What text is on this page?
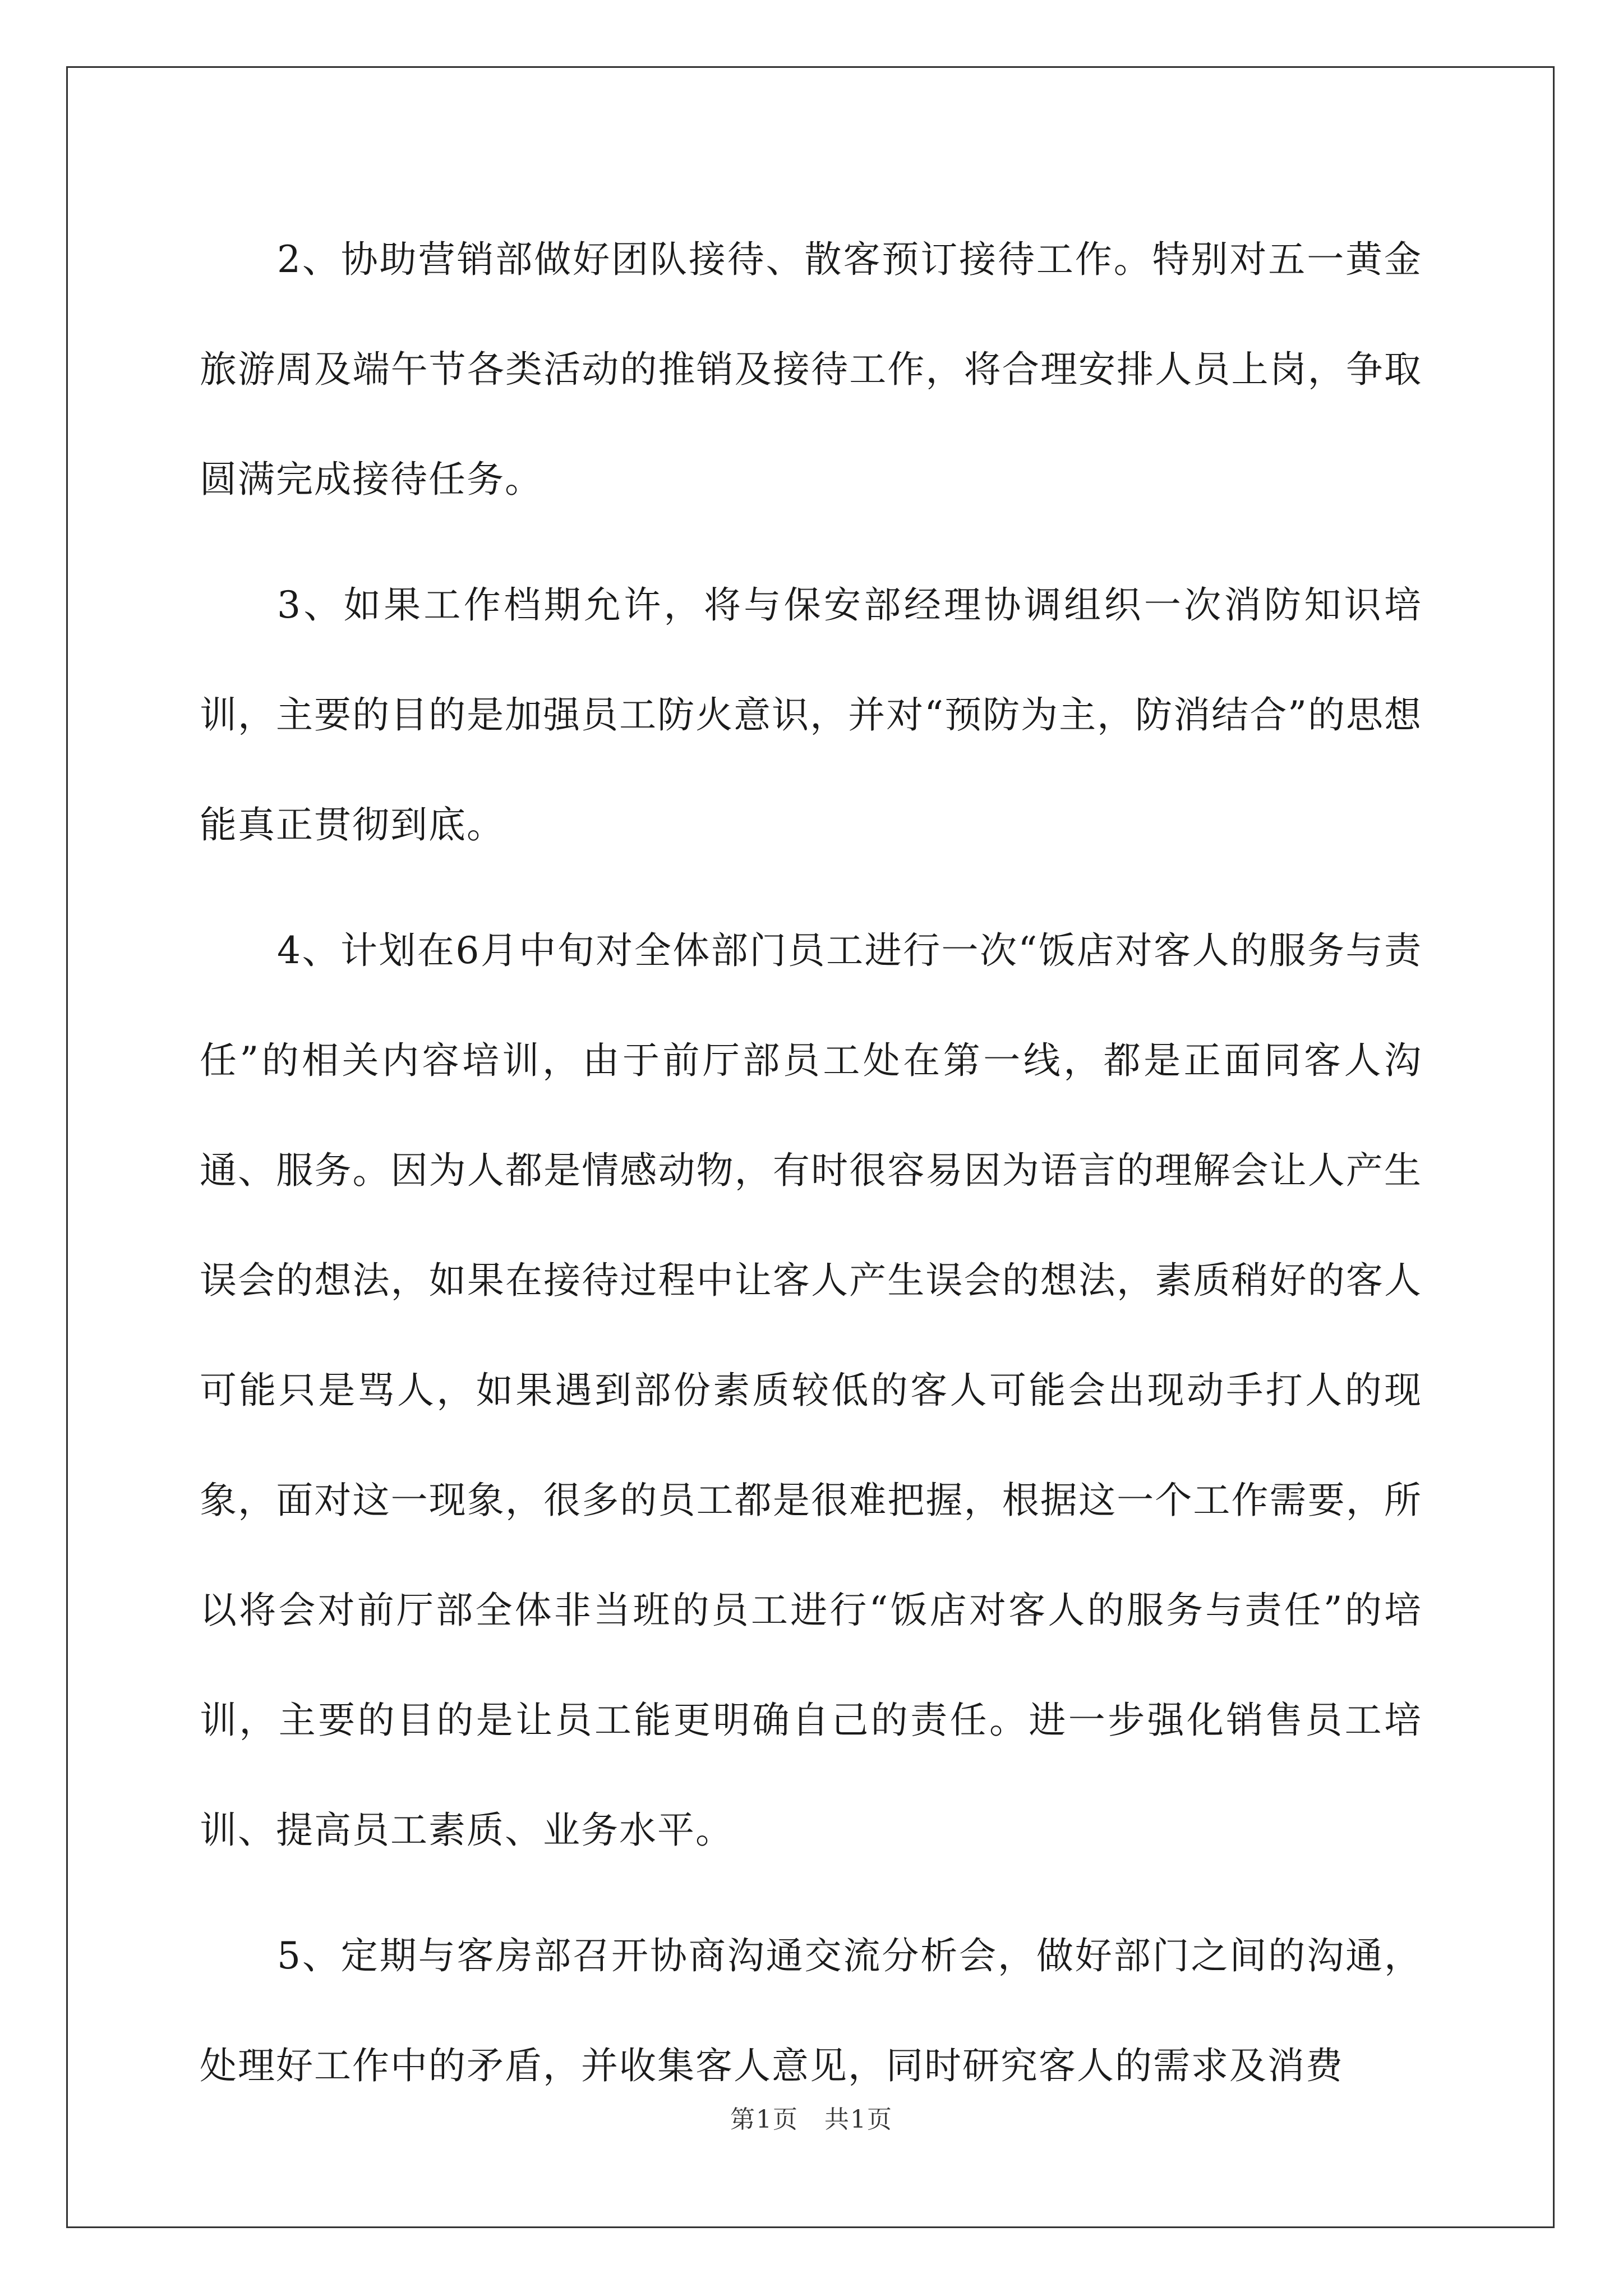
2、协助营销部做好团队接待、散客预订接待工作。特别对五一黄金旅游周及端午节各类活动的推销及接待工作，将合理安排人员上岗，争取圆满完成接待任务。

3、如果工作档期允许，将与保安部经理协调组织一次消防知识培训，主要的目的是加强员工防火意识，并对“预防为主，防消结合”的思想能真正贯彻到底。

4、计划在6月中旬对全体部门员工进行一次“饭店对客人的服务与责任”的相关内容培训，由于前厅部员工处在第一线，都是正面同客人沟通、服务。因为人都是情感动物，有时很容易因为语言的理解会让人产生误会的想法，如果在接待过程中让客人产生误会的想法，素质稍好的客人可能只是骂人，如果遇到部份素质较低的客人可能会出现动手打人的现象，面对这一现象，很多的员工都是很难把握，根据这一个工作需要，所以将会对前厅部全体非当班的员工进行“饭店对客人的服务与责任”的培训，主要的目的是让员工能更明确自己的责任。进一步强化销售员工培训、提高员工素质、业务水平。

5、定期与客房部召开协商沟通交流分析会，做好部门之间的沟通，处理好工作中的矛盾，并收集客人意见，同时研究客人的需求及消费

第1页　共1页
